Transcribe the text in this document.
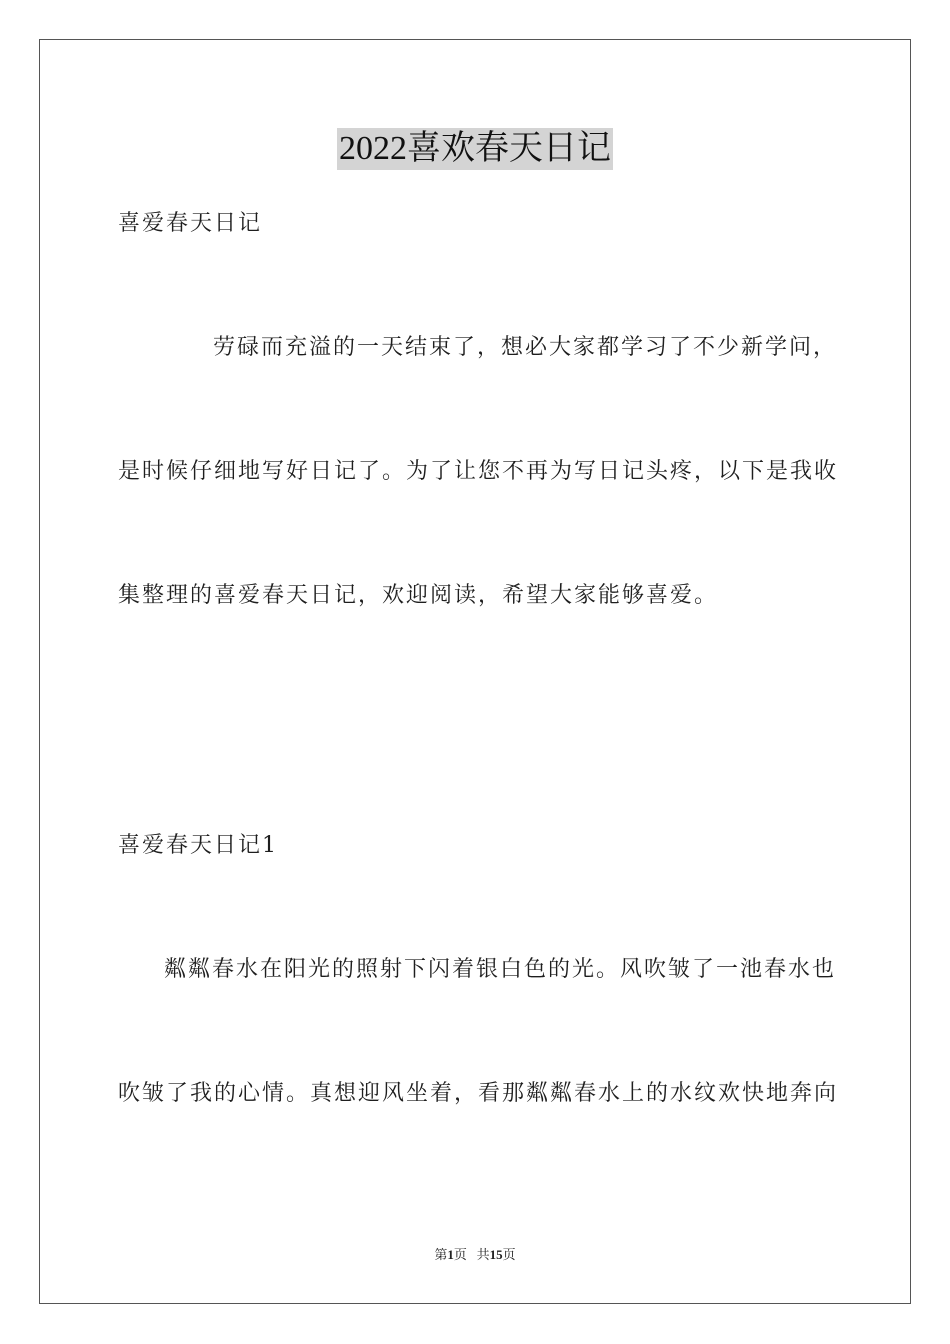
2022喜欢春天日记
喜爱春天日记
劳碌而充溢的一天结束了，想必大家都学习了不少新学问，
是时候仔细地写好日记了。为了让您不再为写日记头疼，以下是我收
集整理的喜爱春天日记，欢迎阅读，希望大家能够喜爱。
喜爱春天日记1
粼粼春水在阳光的照射下闪着银白色的光。风吹皱了一池春水也
吹皱了我的心情。真想迎风坐着，看那粼粼春水上的水纹欢快地奔向
第1页 共15页
